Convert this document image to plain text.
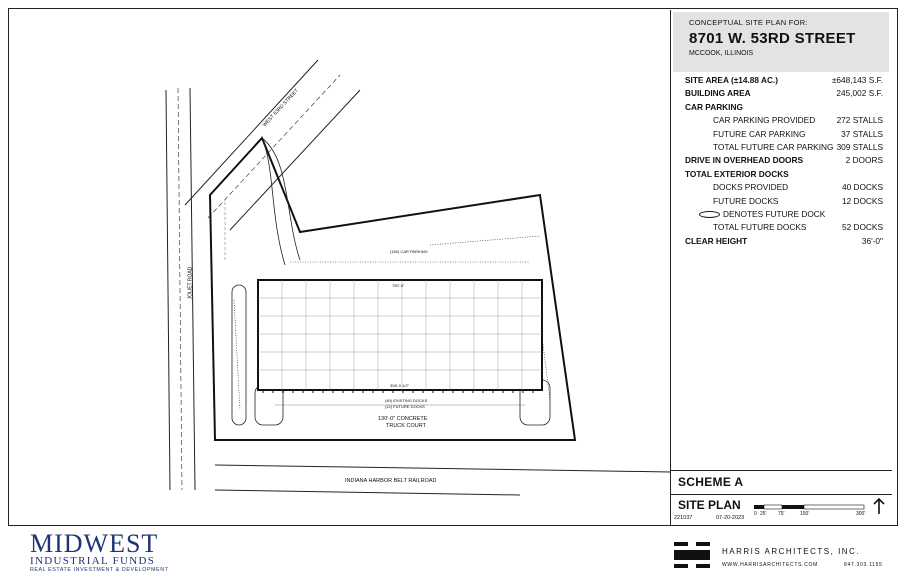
WEST 53RD STREET
JOLIET ROAD
INDIANA HARBOR BELT RAILROAD
130'-0" CONCRETE
TRUCK COURT
(40) EXISTING DOCKS
(12) FUTURE DOCKS
(180) CAR PARKING
750'-0"
308'-0 1/2"
CONCEPTUAL SITE PLAN FOR:
8701 W. 53RD STREET
MCCOOK, ILLINOIS
SITE AREA (±14.88 AC.)	±648,143 S.F.
BUILDING AREA	245,002 S.F.
CAR PARKING
CAR PARKING PROVIDED	272 STALLS
FUTURE CAR PARKING	37 STALLS
TOTAL FUTURE CAR PARKING 309 STALLS
DRIVE IN OVERHEAD DOORS	2 DOORS
TOTAL EXTERIOR DOCKS
DOCKS PROVIDED	40 DOCKS
FUTURE DOCKS	12 DOCKS
DENOTES FUTURE DOCK
TOTAL FUTURE DOCKS	52 DOCKS
CLEAR HEIGHT	36'-0"
SCHEME A
SITE PLAN
0 25' 75'	150'	300'
221037	07-20-2023
MIDWEST
INDUSTRIAL FUNDS
REAL ESTATE INVESTMENT & DEVELOPMENT
HARRIS ARCHITECTS, INC.
WWW.HARRISARCHITECTS.COM	847.303.1155
